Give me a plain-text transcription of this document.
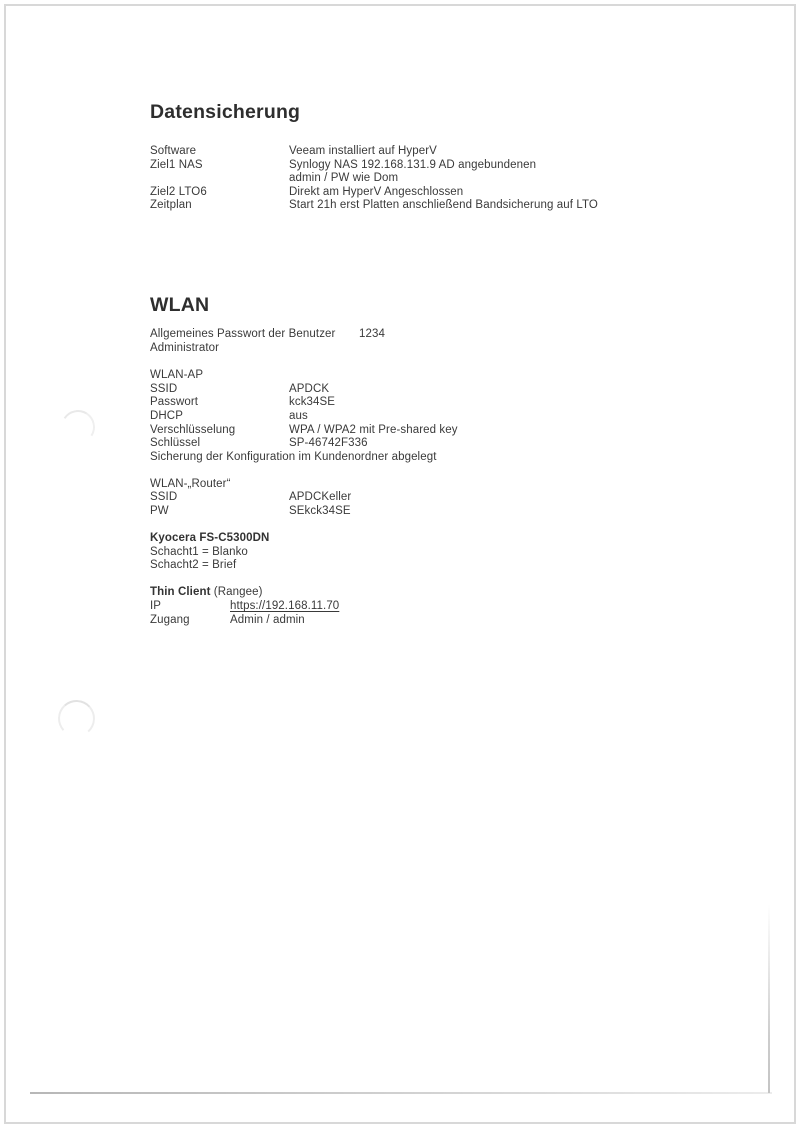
Datensicherung
Software	Veeam installiert auf HyperV
Ziel1 NAS	Synlogy NAS 192.168.131.9 AD angebundenen
admin / PW wie Dom
Ziel2 LTO6	Direkt am HyperV Angeschlossen
Zeitplan	Start 21h erst Platten anschließend Bandsicherung auf LTO
WLAN
Allgemeines Passwort der Benutzer	1234
Administrator
WLAN-AP
SSID	APDCK
Passwort	kck34SE
DHCP	aus
Verschlüsselung	WPA / WPA2 mit Pre-shared key
Schlüssel	SP-46742F336
Sicherung der Konfiguration im Kundenordner abgelegt
WLAN-„Router“
SSID	APDCKeller
PW	SEkck34SE
Kyocera FS-C5300DN
Schacht1 = Blanko
Schacht2 = Brief
Thin Client (Rangee)
IP	https://192.168.11.70
Zugang	Admin / admin
